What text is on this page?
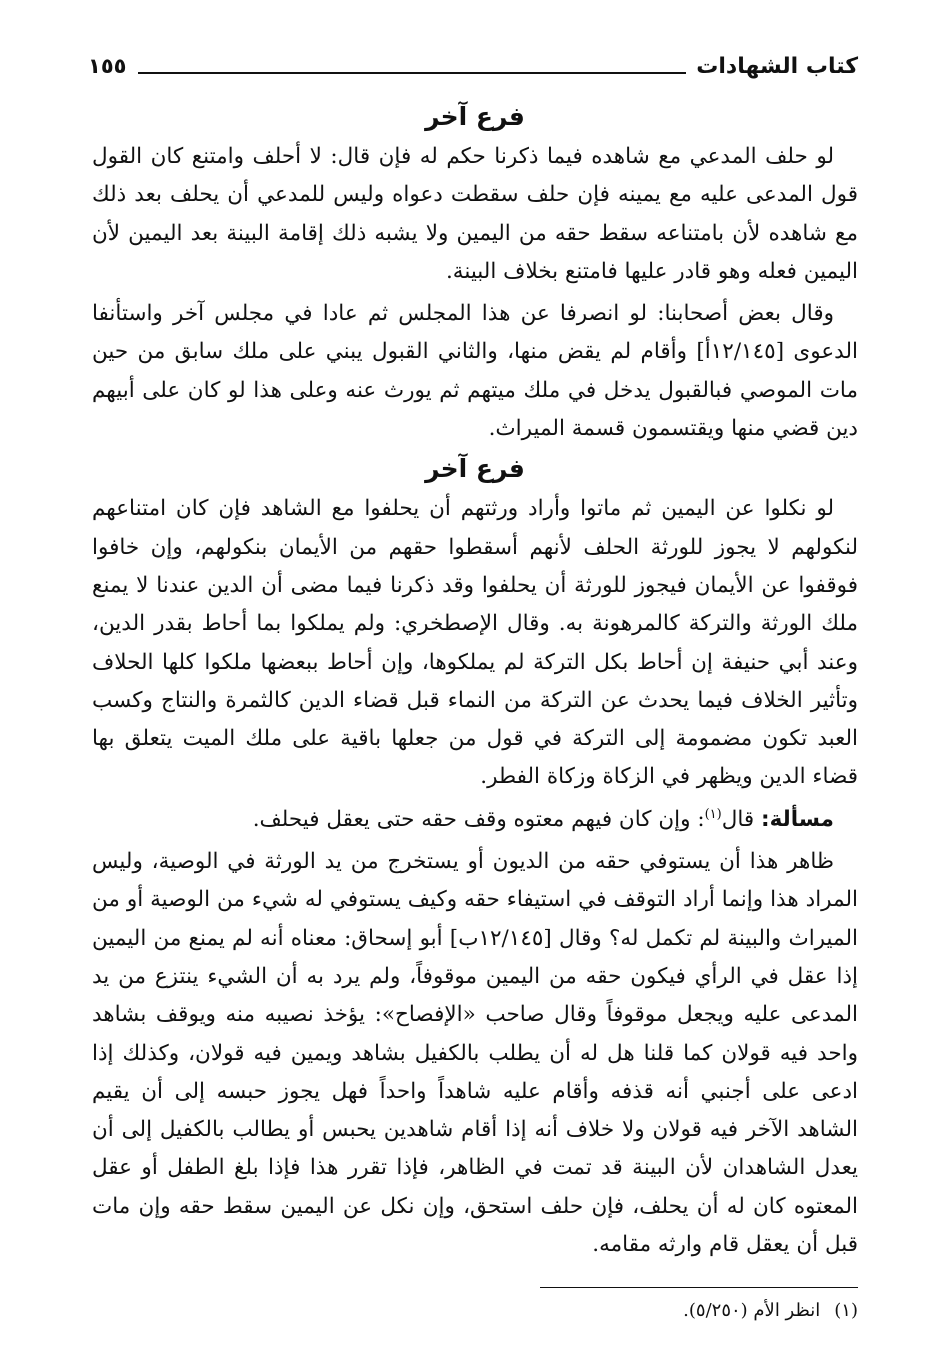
كتاب الشهادات
١٥٥
فرع آخر

لو حلف المدعي مع شاهده فيما ذكرنا حكم له فإن قال: لا أحلف وامتنع كان القول قول المدعى عليه مع يمينه فإن حلف سقطت دعواه وليس للمدعي أن يحلف بعد ذلك مع شاهده لأن بامتناعه سقط حقه من اليمين ولا يشبه ذلك إقامة البينة بعد اليمين لأن اليمين فعله وهو قادر عليها فامتنع بخلاف البينة.

وقال بعض أصحابنا: لو انصرفا عن هذا المجلس ثم عادا في مجلس آخر واستأنفا الدعوى [١٢/١٤٥أ] وأقام لم يقض منها، والثاني القبول يبني على ملك سابق من حين مات الموصي فبالقبول يدخل في ملك ميتهم ثم يورث عنه وعلى هذا لو كان على أبيهم دين قضي منها ويقتسمون قسمة الميراث.

فرع آخر

لو نكلوا عن اليمين ثم ماتوا وأراد ورثتهم أن يحلفوا مع الشاهد فإن كان امتناعهم لنكولهم لا يجوز للورثة الحلف لأنهم أسقطوا حقهم من الأيمان بنكولهم، وإن خافوا فوقفوا عن الأيمان فيجوز للورثة أن يحلفوا وقد ذكرنا فيما مضى أن الدين عندنا لا يمنع ملك الورثة والتركة كالمرهونة به. وقال الإصطخري: ولم يملكوا بما أحاط بقدر الدين، وعند أبي حنيفة إن أحاط بكل التركة لم يملكوها، وإن أحاط ببعضها ملكوا كلها الحلاف وتأثير الخلاف فيما يحدث عن التركة من النماء قبل قضاء الدين كالثمرة والنتاج وكسب العبد تكون مضمومة إلى التركة في قول من جعلها باقية على ملك الميت يتعلق بها قضاء الدين ويظهر في الزكاة وزكاة الفطر.

مسألة: قال$^{(١)}$: وإن كان فيهم معتوه وقف حقه حتى يعقل فيحلف.

ظاهر هذا أن يستوفي حقه من الديون أو يستخرج من يد الورثة في الوصية، وليس المراد هذا وإنما أراد التوقف في استيفاء حقه وكيف يستوفي له شيء من الوصية أو من الميراث والبينة لم تكمل له؟ وقال [١٢/١٤٥ب] أبو إسحاق: معناه أنه لم يمنع من اليمين إذا عقل في الرأي فيكون حقه من اليمين موقوفاً، ولم يرد به أن الشيء ينتزع من يد المدعى عليه ويجعل موقوفاً وقال صاحب «الإفصاح»: يؤخذ نصيبه منه ويوقف بشاهد واحد فيه قولان كما قلنا هل له أن يطلب بالكفيل بشاهد ويمين فيه قولان، وكذلك إذا ادعى على أجنبي أنه قذفه وأقام عليه شاهداً واحداً فهل يجوز حبسه إلى أن يقيم الشاهد الآخر فيه قولان ولا خلاف أنه إذا أقام شاهدين يحبس أو يطالب بالكفيل إلى أن يعدل الشاهدان لأن البينة قد تمت في الظاهر، فإذا تقرر هذا فإذا بلغ الطفل أو عقل المعتوه كان له أن يحلف، فإن حلف استحق، وإن نكل عن اليمين سقط حقه وإن مات قبل أن يعقل قام وارثه مقامه.

(١)انظر الأم (٥/٢٥٠).
